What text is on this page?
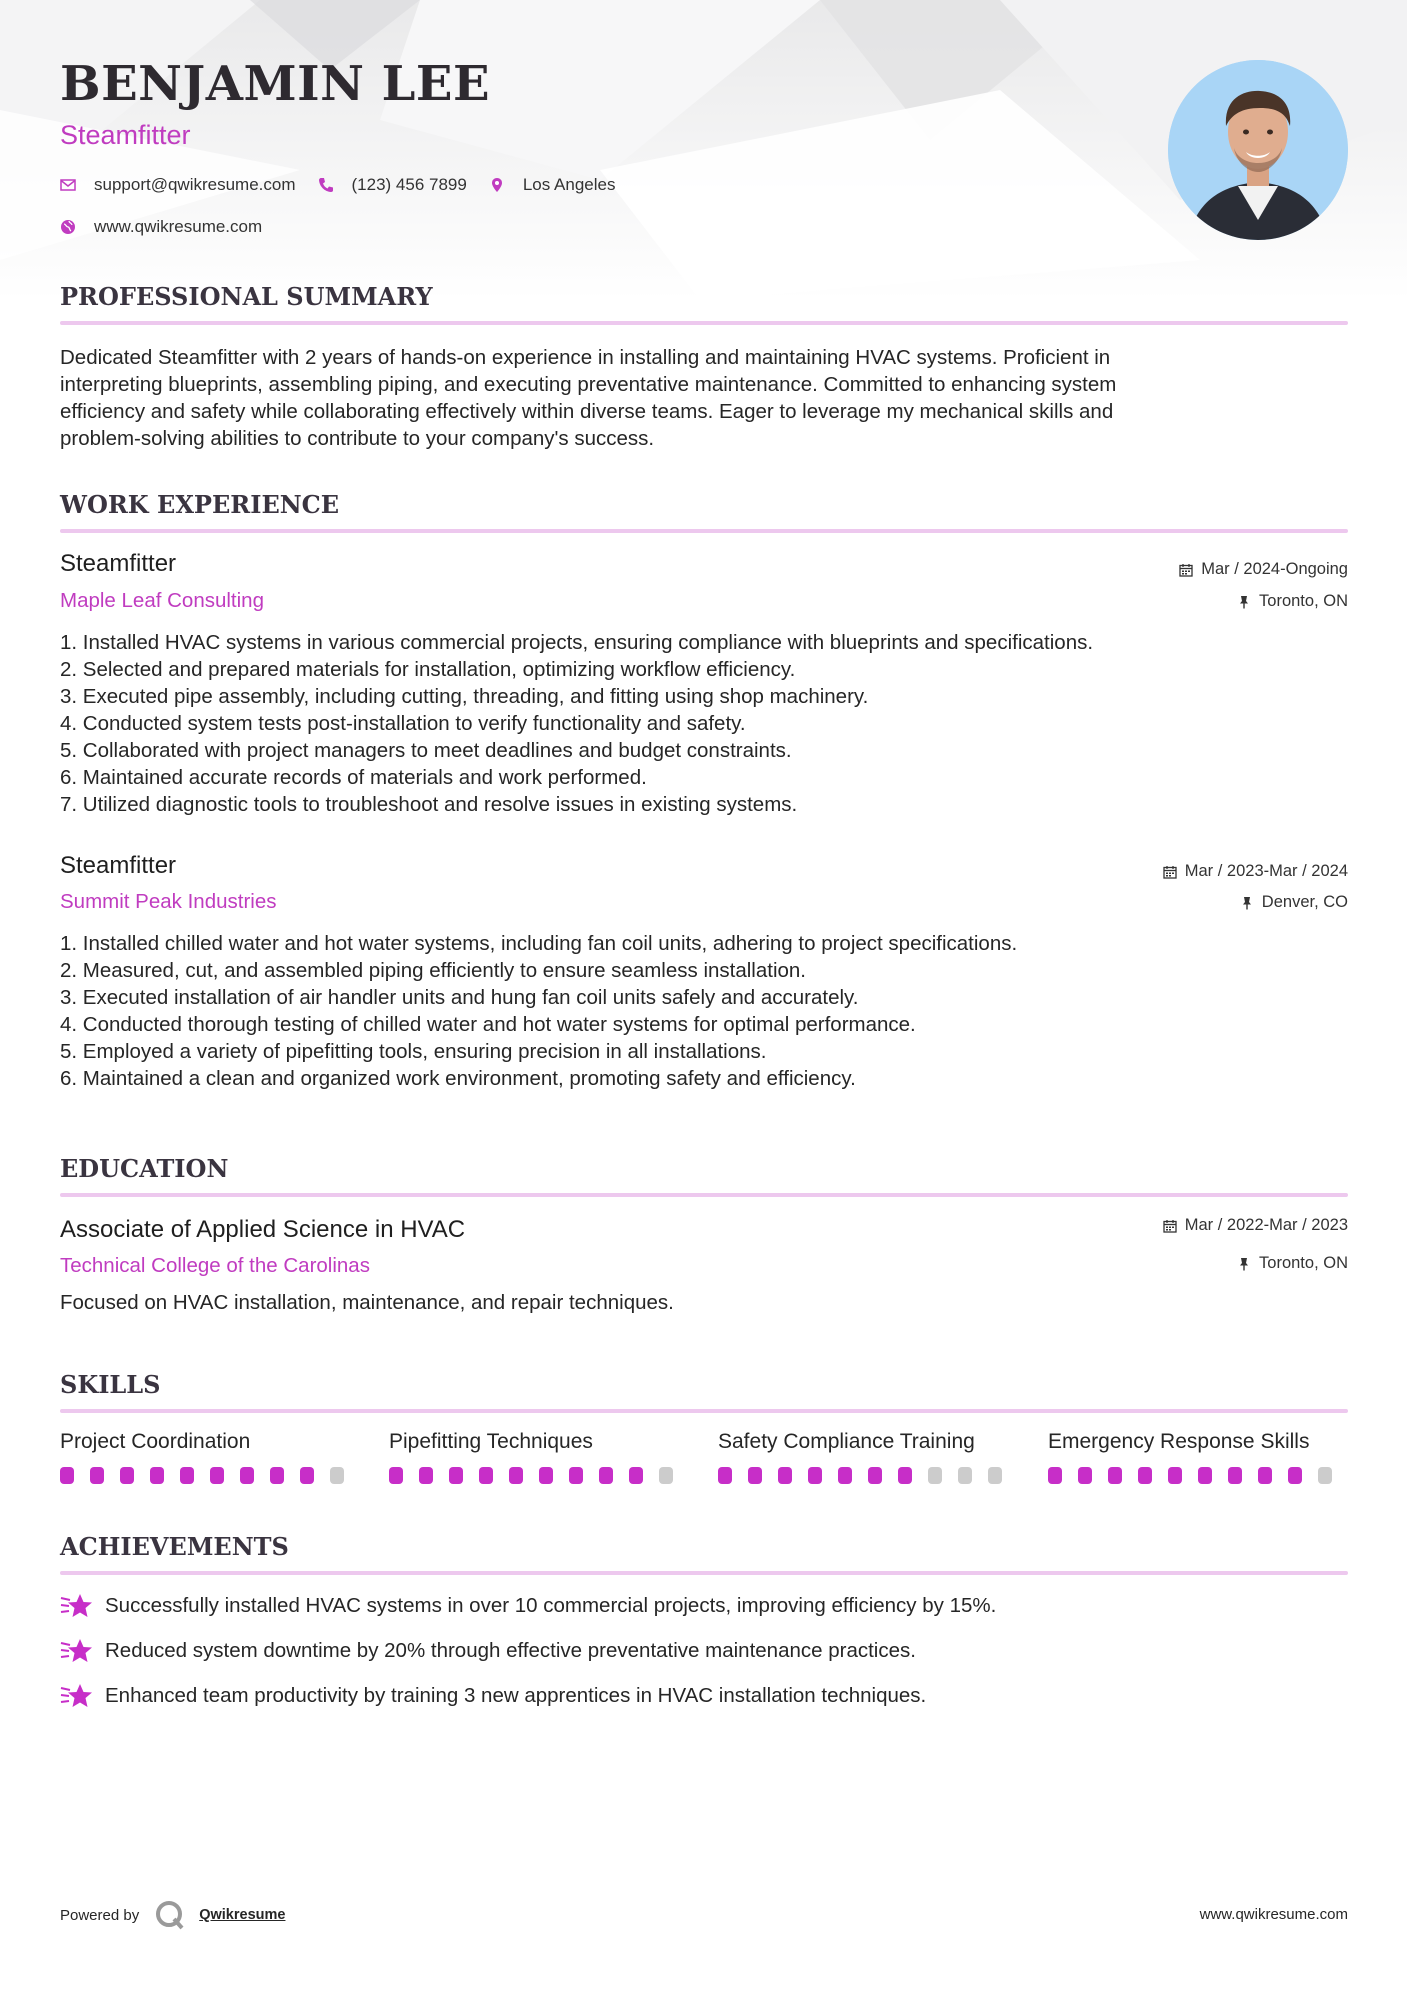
BENJAMIN LEE
Steamfitter
support@qwikresume.com	(123) 456 7899	Los Angeles
www.qwikresume.com
PROFESSIONAL SUMMARY
Dedicated Steamfitter with 2 years of hands-on experience in installing and maintaining HVAC systems. Proficient in
interpreting blueprints, assembling piping, and executing preventative maintenance. Committed to enhancing system
efficiency and safety while collaborating effectively within diverse teams. Eager to leverage my mechanical skills and
problem-solving abilities to contribute to your company's success.
WORK EXPERIENCE
Steamfitter
Maple Leaf Consulting
Mar / 2024-Ongoing
Toronto, ON
1. Installed HVAC systems in various commercial projects, ensuring compliance with blueprints and specifications.
2. Selected and prepared materials for installation, optimizing workflow efficiency.
3. Executed pipe assembly, including cutting, threading, and fitting using shop machinery.
4. Conducted system tests post-installation to verify functionality and safety.
5. Collaborated with project managers to meet deadlines and budget constraints.
6. Maintained accurate records of materials and work performed.
7. Utilized diagnostic tools to troubleshoot and resolve issues in existing systems.
Steamfitter
Summit Peak Industries
Mar / 2023-Mar / 2024
Denver, CO
1. Installed chilled water and hot water systems, including fan coil units, adhering to project specifications.
2. Measured, cut, and assembled piping efficiently to ensure seamless installation.
3. Executed installation of air handler units and hung fan coil units safely and accurately.
4. Conducted thorough testing of chilled water and hot water systems for optimal performance.
5. Employed a variety of pipefitting tools, ensuring precision in all installations.
6. Maintained a clean and organized work environment, promoting safety and efficiency.
EDUCATION
Associate of Applied Science in HVAC
Technical College of the Carolinas
Mar / 2022-Mar / 2023
Toronto, ON
Focused on HVAC installation, maintenance, and repair techniques.
SKILLS
Project Coordination	Pipefitting Techniques	Safety Compliance Training	Emergency Response Skills
ACHIEVEMENTS
Successfully installed HVAC systems in over 10 commercial projects, improving efficiency by 15%.
Reduced system downtime by 20% through effective preventative maintenance practices.
Enhanced team productivity by training 3 new apprentices in HVAC installation techniques.
Powered by	Qwikresume	www.qwikresume.com
